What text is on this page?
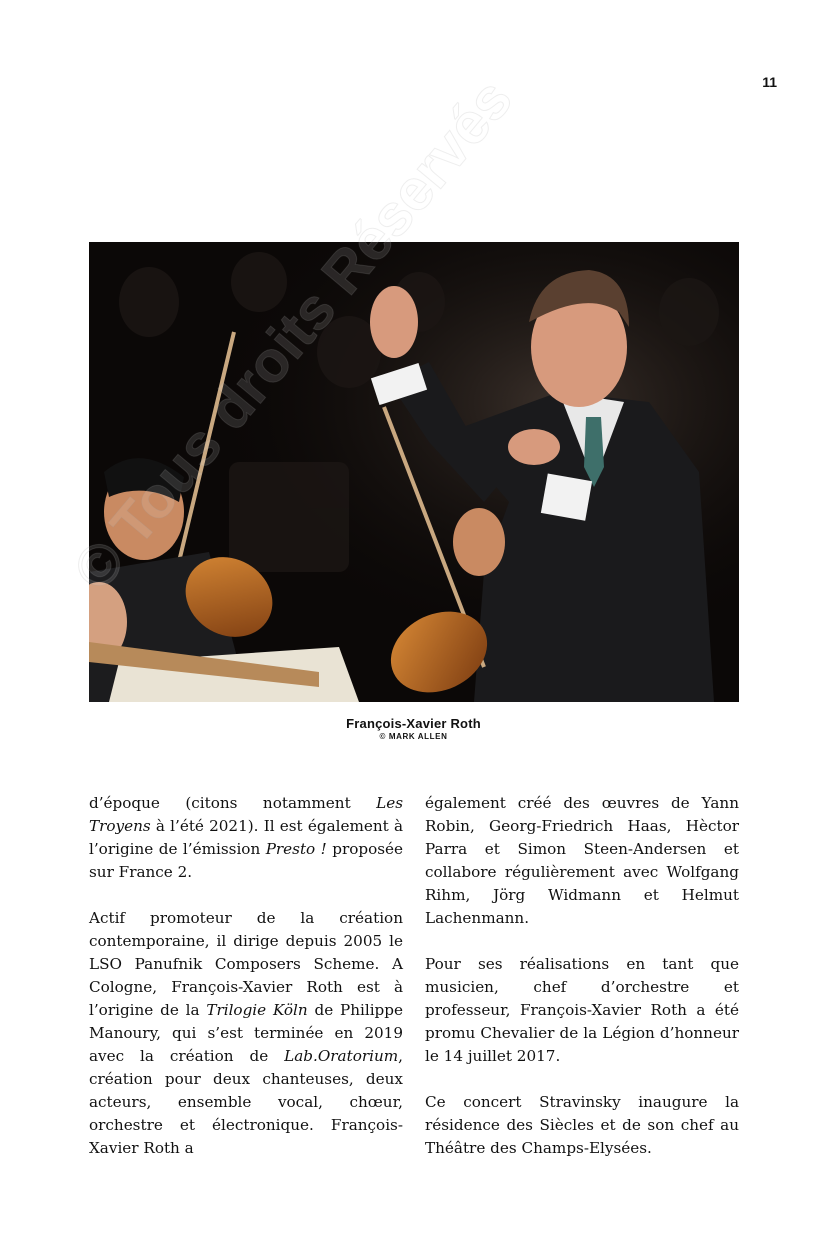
11
François-Xavier Roth
© MARK ALLEN

d’époque (citons notamment Les Troyens à l’été 2021). Il est également à l’origine de l’émission Presto ! proposée sur France 2.

Actif promoteur de la création contemporaine, il dirige depuis 2005 le LSO Panufnik Composers Scheme. A Cologne, François-Xavier Roth est à l’origine de la Trilogie Köln de Philippe Manoury, qui s’est terminée en 2019 avec la création de Lab.Oratorium, création pour deux chanteuses, deux acteurs, ensemble vocal, chœur, orchestre et électronique. François-Xavier Roth a

également créé des œuvres de Yann Robin, Georg-Friedrich Haas, Hèctor Parra et Simon Steen-Andersen et collabore régulièrement avec Wolfgang Rihm, Jörg Widmann et Helmut Lachenmann.

Pour ses réalisations en tant que musicien, chef d’orchestre et professeur, François-Xavier Roth a été promu Chevalier de la Légion d’honneur le 14 juillet 2017.

Ce concert Stravinsky inaugure la résidence des Siècles et de son chef au Théâtre des Champs-Elysées.

Réservés
